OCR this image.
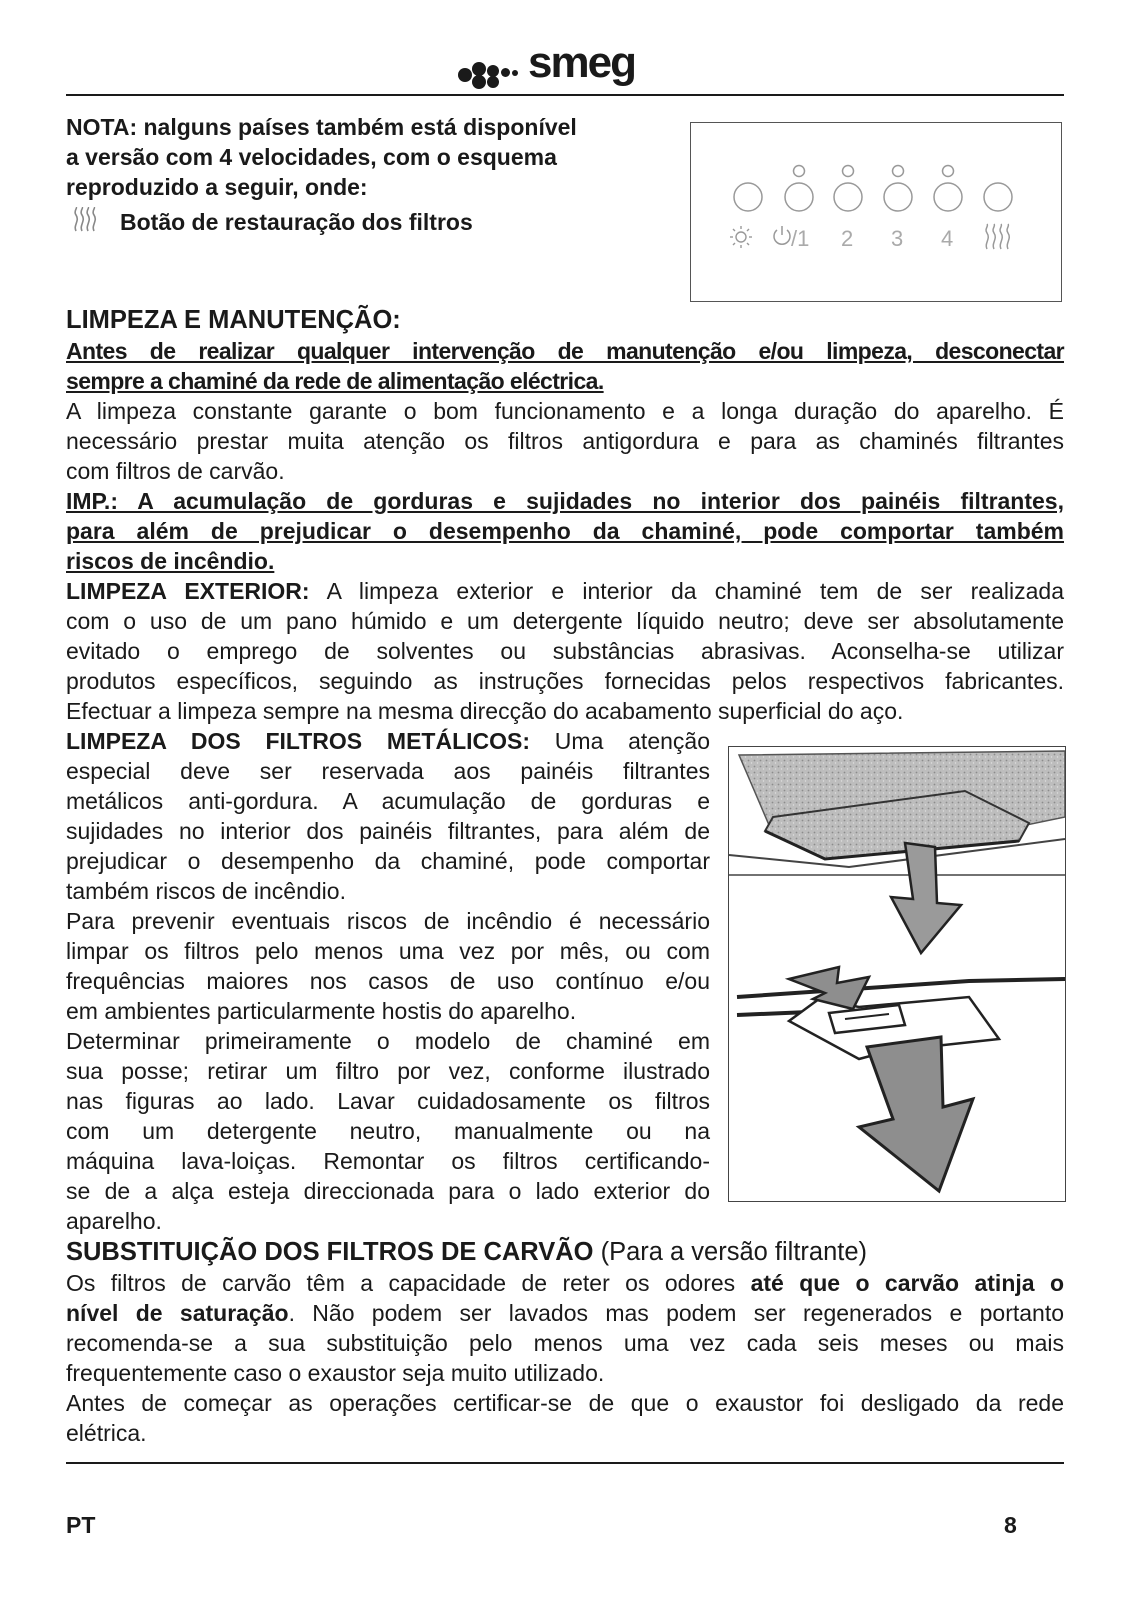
smeg
NOTA: nalguns países também está disponível
a versão com 4 velocidades, com o esquema
reproduzido a seguir, onde:
Botão de restauração dos filtros
/1 2 3 4
LIMPEZA E MANUTENÇÃO:
Antes de realizar qualquer intervenção de manutenção e/ou limpeza, desconectar
sempre a chaminé da rede de alimentação eléctrica.
A limpeza constante garante o bom funcionamento e a longa duração do aparelho. É
necessário prestar muita atenção os filtros antigordura e para as chaminés filtrantes
com filtros de carvão.
IMP.: A acumulação de gorduras e sujidades no interior dos painéis filtrantes,
para além de prejudicar o desempenho da chaminé, pode comportar também
riscos de incêndio.
LIMPEZA EXTERIOR: A limpeza exterior e interior da chaminé tem de ser realizada
com o uso de um pano húmido e um detergente líquido neutro; deve ser absolutamente
evitado o emprego de solventes ou substâncias abrasivas. Aconselha-se utilizar
produtos específicos, seguindo as instruções fornecidas pelos respectivos fabricantes.
Efectuar a limpeza sempre na mesma direcção do acabamento superficial do aço.
LIMPEZA DOS FILTROS METÁLICOS: Uma atenção
especial deve ser reservada aos painéis filtrantes
metálicos anti-gordura. A acumulação de gorduras e
sujidades no interior dos painéis filtrantes, para além de
prejudicar o desempenho da chaminé, pode comportar
também riscos de incêndio.
Para prevenir eventuais riscos de incêndio é necessário
limpar os filtros pelo menos uma vez por mês, ou com
frequências maiores nos casos de uso contínuo e/ou
em ambientes particularmente hostis do aparelho.
Determinar primeiramente o modelo de chaminé em
sua posse; retirar um filtro por vez, conforme ilustrado
nas figuras ao lado. Lavar cuidadosamente os filtros
com um detergente neutro, manualmente ou na
máquina lava-loiças. Remontar os filtros certificando-
se de a alça esteja direccionada para o lado exterior do
aparelho.
SUBSTITUIÇÃO DOS FILTROS DE CARVÃO (Para a versão filtrante)
Os filtros de carvão têm a capacidade de reter os odores até que o carvão atinja o
nível de saturação. Não podem ser lavados mas podem ser regenerados e portanto
recomenda-se a sua substituição pelo menos uma vez cada seis meses ou mais
frequentemente caso o exaustor seja muito utilizado.
Antes de começar as operações certificar-se de que o exaustor foi desligado da rede
elétrica.
PT	8
